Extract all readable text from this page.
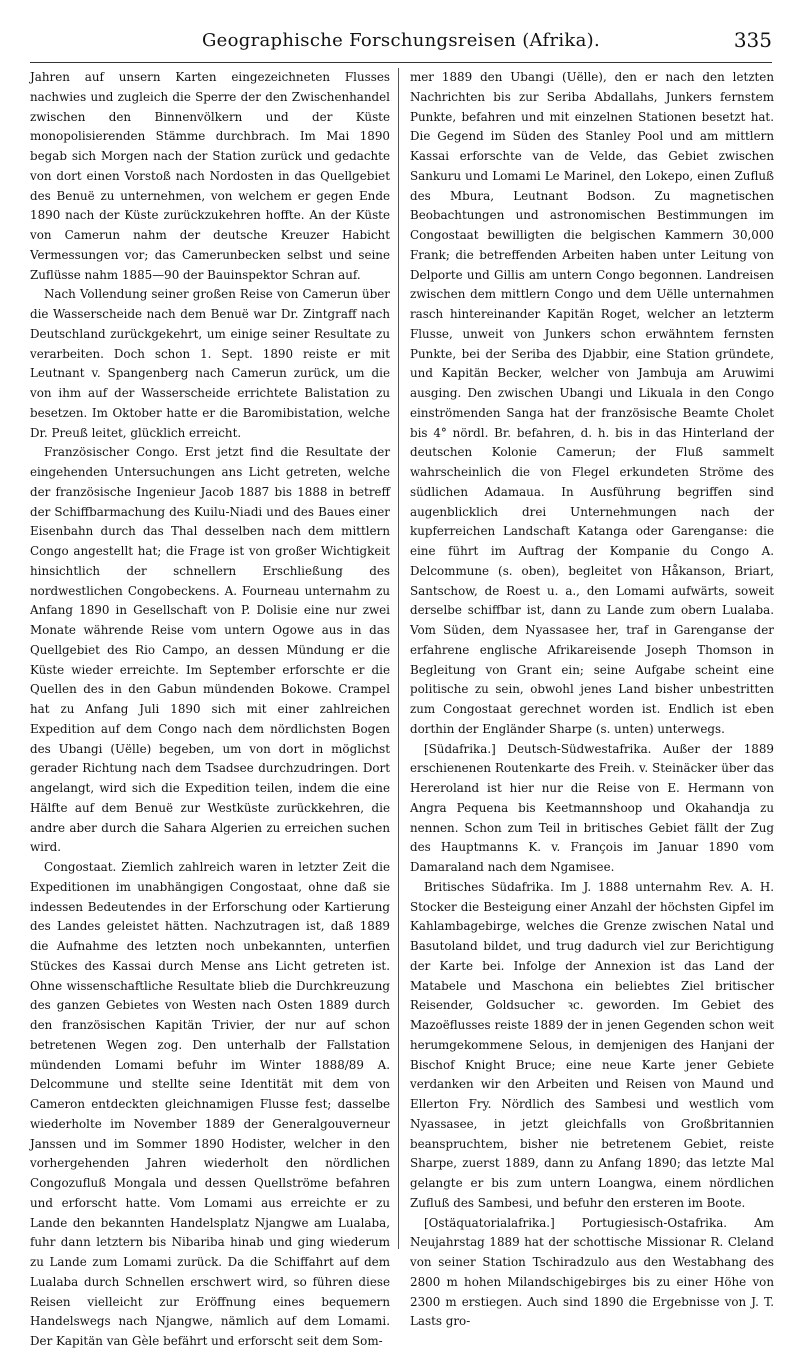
Geographische Forschungsreisen (Afrika).	335

Jahren auf unsern Karten eingezeichneten Flusses nachwies und zugleich die Sperre der den Zwischenhandel zwischen den Binnenvölkern und der Küste monopolisierenden Stämme durchbrach. Im Mai 1890 begab sich Morgen nach der Station zurück und gedachte von dort einen Vorstoß nach Nordosten in das Quellgebiet des Benuë zu unternehmen, von welchem er gegen Ende 1890 nach der Küste zurückzukehren hoffte. An der Küste von Camerun nahm der deutsche Kreuzer Habicht Vermessungen vor; das Camerunbecken selbst und seine Zuflüsse nahm 1885—90 der Bauinspektor Schran auf.

Nach Vollendung seiner großen Reise von Camerun über die Wasserscheide nach dem Benuë war Dr. Zintgraff nach Deutschland zurückgekehrt, um einige seiner Resultate zu verarbeiten. Doch schon 1. Sept. 1890 reiste er mit Leutnant v. Spangenberg nach Camerun zurück, um die von ihm auf der Wasserscheide errichtete Balistation zu besetzen. Im Oktober hatte er die Baromibistation, welche Dr. Preuß leitet, glücklich erreicht.

Französischer Congo. Erst jetzt find die Resultate der eingehenden Untersuchungen ans Licht getreten, welche der französische Ingenieur Jacob 1887 bis 1888 in betreff der Schiffbarmachung des Kuilu-Niadi und des Baues einer Eisenbahn durch das Thal desselben nach dem mittlern Congo angestellt hat; die Frage ist von großer Wichtigkeit hinsichtlich der schnellern Erschließung des nordwestlichen Congobeckens. A. Fourneau unternahm zu Anfang 1890 in Gesellschaft von P. Dolisie eine nur zwei Monate währende Reise vom untern Ogowe aus in das Quellgebiet des Rio Campo, an dessen Mündung er die Küste wieder erreichte. Im September erforschte er die Quellen des in den Gabun mündenden Bokowe. Crampel hat zu Anfang Juli 1890 sich mit einer zahlreichen Expedition auf dem Congo nach dem nördlichsten Bogen des Ubangi (Uëlle) begeben, um von dort in möglichst gerader Richtung nach dem Tsadsee durchzudringen. Dort angelangt, wird sich die Expedition teilen, indem die eine Hälfte auf dem Benuë zur Westküste zurückkehren, die andre aber durch die Sahara Algerien zu erreichen suchen wird.

Congostaat. Ziemlich zahlreich waren in letzter Zeit die Expeditionen im unabhängigen Congostaat, ohne daß sie indessen Bedeutendes in der Erforschung oder Kartierung des Landes geleistet hätten. Nachzutragen ist, daß 1889 die Aufnahme des letzten noch unbekannten, unterfien Stückes des Kassai durch Mense ans Licht getreten ist. Ohne wissenschaftliche Resultate blieb die Durchkreuzung des ganzen Gebietes von Westen nach Osten 1889 durch den französischen Kapitän Trivier, der nur auf schon betretenen Wegen zog. Den unterhalb der Fallstation mündenden Lomami befuhr im Winter 1888/89 A. Delcommune und stellte seine Identität mit dem von Cameron entdeckten gleichnamigen Flusse fest; dasselbe wiederholte im November 1889 der Generalgouverneur Janssen und im Sommer 1890 Hodister, welcher in den vorhergehenden Jahren wiederholt den nördlichen Congozufluß Mongala und dessen Quellströme befahren und erforscht hatte. Vom Lomami aus erreichte er zu Lande den bekannten Handelsplatz Njangwe am Lualaba, fuhr dann letztern bis Nibariba hinab und ging wiederum zu Lande zum Lomami zurück. Da die Schiffahrt auf dem Lualaba durch Schnellen erschwert wird, so führen diese Reisen vielleicht zur Eröffnung eines bequemern Handelswegs nach Njangwe, nämlich auf dem Lomami. Der Kapitän van Gèle befährt und erforscht seit dem Som-

mer 1889 den Ubangi (Uëlle), den er nach den letzten Nachrichten bis zur Seriba Abdallahs, Junkers fernstem Punkte, befahren und mit einzelnen Stationen besetzt hat. Die Gegend im Süden des Stanley Pool und am mittlern Kassai erforschte van de Velde, das Gebiet zwischen Sankuru und Lomami Le Marinel, den Lokepo, einen Zufluß des Mbura, Leutnant Bodson. Zu magnetischen Beobachtungen und astronomischen Bestimmungen im Congostaat bewilligten die belgischen Kammern 30,000 Frank; die betreffenden Arbeiten haben unter Leitung von Delporte und Gillis am untern Congo begonnen. Landreisen zwischen dem mittlern Congo und dem Uëlle unternahmen rasch hintereinander Kapitän Roget, welcher an letzterm Flusse, unweit von Junkers schon erwähntem fernsten Punkte, bei der Seriba des Djabbir, eine Station gründete, und Kapitän Becker, welcher von Jambuja am Aruwimi ausging. Den zwischen Ubangi und Likuala in den Congo einströmenden Sanga hat der französische Beamte Cholet bis 4° nördl. Br. befahren, d. h. bis in das Hinterland der deutschen Kolonie Camerun; der Fluß sammelt wahrscheinlich die von Flegel erkundeten Ströme des südlichen Adamaua. In Ausführung begriffen sind augenblicklich drei Unternehmungen nach der kupferreichen Landschaft Katanga oder Garenganse: die eine führt im Auftrag der Kompanie du Congo A. Delcommune (s. oben), begleitet von Håkanson, Briart, Santschow, de Roest u. a., den Lomami aufwärts, soweit derselbe schiffbar ist, dann zu Lande zum obern Lualaba. Vom Süden, dem Nyassasee her, traf in Garenganse der erfahrene englische Afrikareisende Joseph Thomson in Begleitung von Grant ein; seine Aufgabe scheint eine politische zu sein, obwohl jenes Land bisher unbestritten zum Congostaat gerechnet worden ist. Endlich ist eben dorthin der Engländer Sharpe (s. unten) unterwegs.

[Südafrika.] Deutsch-Südwestafrika. Außer der 1889 erschienenen Routenkarte des Freih. v. Steinäcker über das Hereroland ist hier nur die Reise von E. Hermann von Angra Pequena bis Keetmannshoop und Okahandja zu nennen. Schon zum Teil in britisches Gebiet fällt der Zug des Hauptmanns K. v. François im Januar 1890 vom Damaraland nach dem Ngamisee.

Britisches Südafrika. Im J. 1888 unternahm Rev. A. H. Stocker die Besteigung einer Anzahl der höchsten Gipfel im Kahlambagebirge, welches die Grenze zwischen Natal und Basutoland bildet, und trug dadurch viel zur Berichtigung der Karte bei. Infolge der Annexion ist das Land der Matabele und Maschona ein beliebtes Ziel britischer Reisender, Goldsucher ꝛc. geworden. Im Gebiet des Mazoëflusses reiste 1889 der in jenen Gegenden schon weit herumgekommene Selous, in demjenigen des Hanjani der Bischof Knight Bruce; eine neue Karte jener Gebiete verdanken wir den Arbeiten und Reisen von Maund und Ellerton Fry. Nördlich des Sambesi und westlich vom Nyassasee, in jetzt gleichfalls von Großbritannien beanspruchtem, bisher nie betretenem Gebiet, reiste Sharpe, zuerst 1889, dann zu Anfang 1890; das letzte Mal gelangte er bis zum untern Loangwa, einem nördlichen Zufluß des Sambesi, und befuhr den ersteren im Boote.

[Ostäquatorialafrika.] Portugiesisch-Ostafrika. Am Neujahrstag 1889 hat der schottische Missionar R. Cleland von seiner Station Tschiradzulo aus den Westabhang des 2800 m hohen Milandschigebirges bis zu einer Höhe von 2300 m erstiegen. Auch sind 1890 die Ergebnisse von J. T. Lasts gro-
